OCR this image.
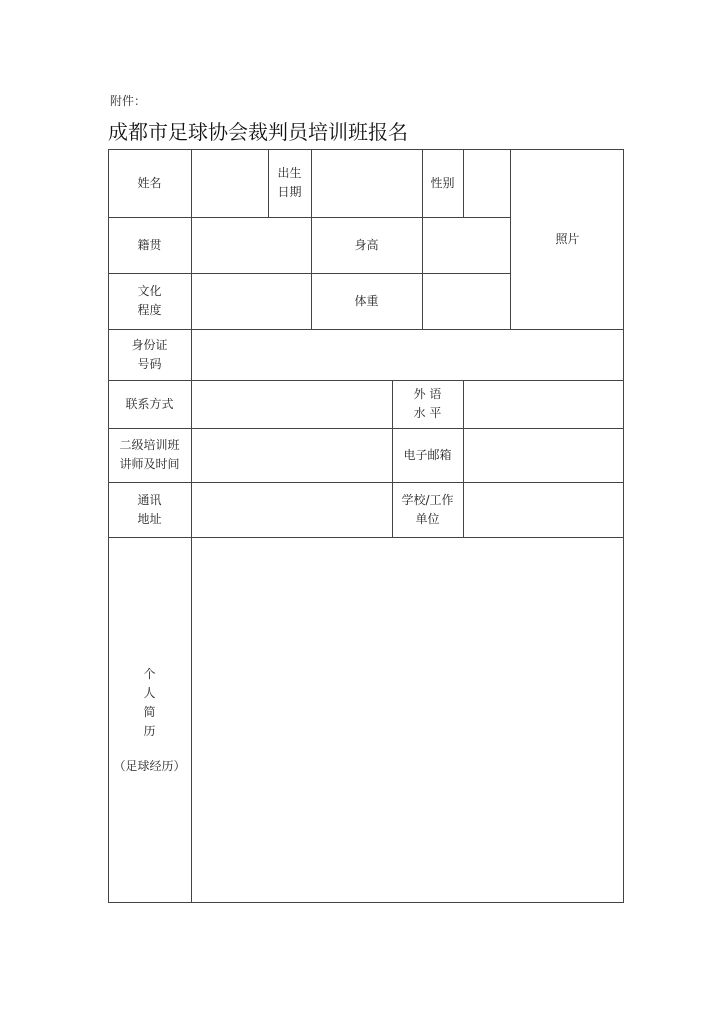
附件：
成都市足球协会裁判员培训班报名
姓名
出生
日期
性别
照片
籍贯	身高
文化
程度
体重
身份证
号码
联系方式
外 语
水 平
二级培训班
讲师及时间
电子邮箱
通讯
地址
学校/工作
单位
个
人
简
历
（足球经历）
